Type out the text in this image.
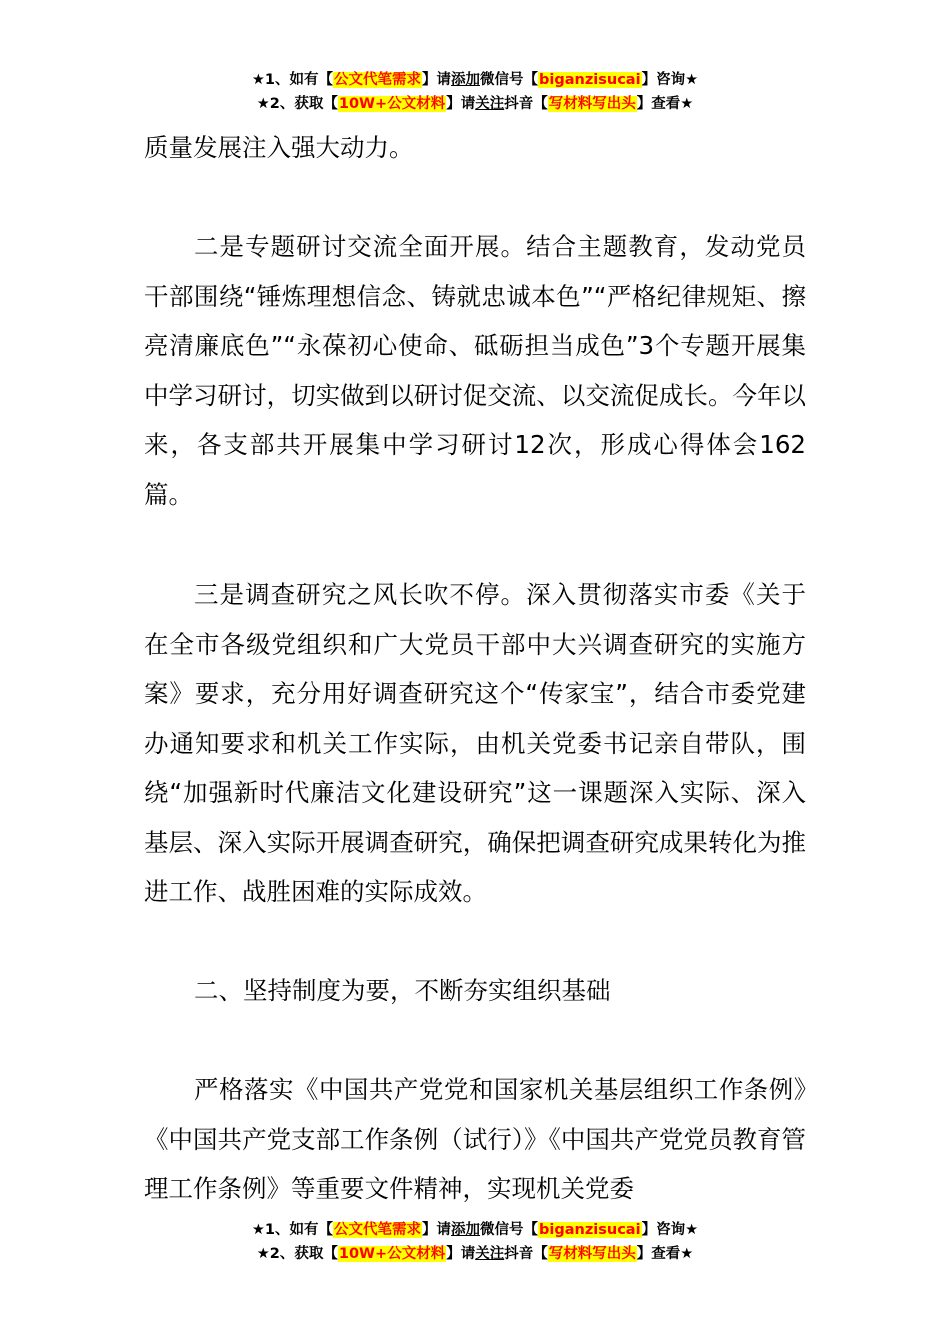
★1、如有【公文代笔需求】请添加微信号【biganzisucai】咨询★
★2、获取【10W+公文材料】请关注抖音【写材料写出头】查看★

质量发展注入强大动力。

二是专题研讨交流全面开展。结合主题教育，发动党员干部围绕“锤炼理想信念、铸就忠诚本色”“严格纪律规矩、擦亮清廉底色”“永葆初心使命、砥砺担当成色”3个专题开展集中学习研讨，切实做到以研讨促交流、以交流促成长。今年以来，各支部共开展集中学习研讨12次，形成心得体会162篇。

三是调查研究之风长吹不停。深入贯彻落实市委《关于在全市各级党组织和广大党员干部中大兴调查研究的实施方案》要求，充分用好调查研究这个“传家宝”，结合市委党建办通知要求和机关工作实际，由机关党委书记亲自带队，围绕“加强新时代廉洁文化建设研究”这一课题深入实际、深入基层、深入实际开展调查研究，确保把调查研究成果转化为推进工作、战胜困难的实际成效。

二、坚持制度为要，不断夯实组织基础

严格落实《中国共产党党和国家机关基层组织工作条例》《中国共产党支部工作条例（试行）》《中国共产党党员教育管理工作条例》等重要文件精神，实现机关党委

★1、如有【公文代笔需求】请添加微信号【biganzisucai】咨询★
★2、获取【10W+公文材料】请关注抖音【写材料写出头】查看★
